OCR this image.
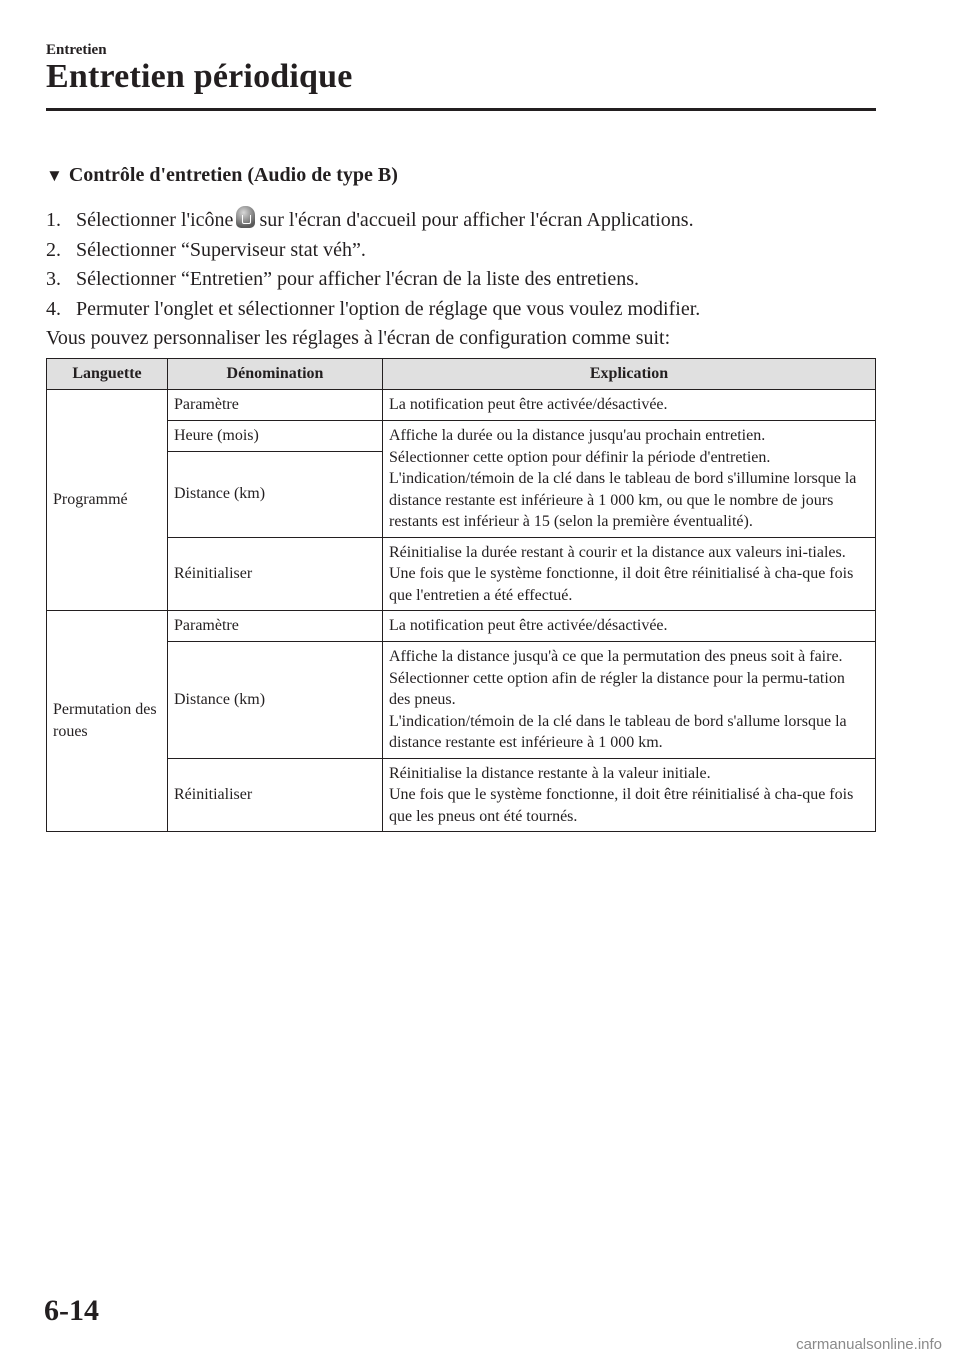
Entretien
Entretien périodique
▼ Contrôle d'entretien (Audio de type B)
1. Sélectionner l'icône sur l'écran d'accueil pour afficher l'écran Applications.
2. Sélectionner “Superviseur stat véh”.
3. Sélectionner “Entretien” pour afficher l'écran de la liste des entretiens.
4. Permuter l'onglet et sélectionner l'option de réglage que vous voulez modifier.
Vous pouvez personnaliser les réglages à l'écran de configuration comme suit:
Languette	Dénomination	Explication
Programmé	Paramètre	La notification peut être activée/désactivée.
	Heure (mois)	Affiche la durée ou la distance jusqu'au prochain entretien.
Sélectionner cette option pour définir la période d'entretien.
L'indication/témoin de la clé dans le tableau de bord s'illumine lorsque la distance restante est inférieure à 1 000 km, ou que le nombre de jours restants est inférieur à 15 (selon la première éventualité).

	Distance (km)	
	Réinitialiser	Réinitialise la durée restant à courir et la distance aux valeurs ini-tiales.
Une fois que le système fonctionne, il doit être réinitialisé à cha-que fois que l'entretien a été effectué.

Permutation des roues	Paramètre	La notification peut être activée/désactivée.
	Distance (km)	Affiche la distance jusqu'à ce que la permutation des pneus soit à faire.
Sélectionner cette option afin de régler la distance pour la permu-tation des pneus.
L'indication/témoin de la clé dans le tableau de bord s'allume lorsque la distance restante est inférieure à 1 000 km.

	Réinitialiser	Réinitialise la distance restante à la valeur initiale.
Une fois que le système fonctionne, il doit être réinitialisé à cha-que fois que les pneus ont été tournés.
6-14
carmanualsonline.info
